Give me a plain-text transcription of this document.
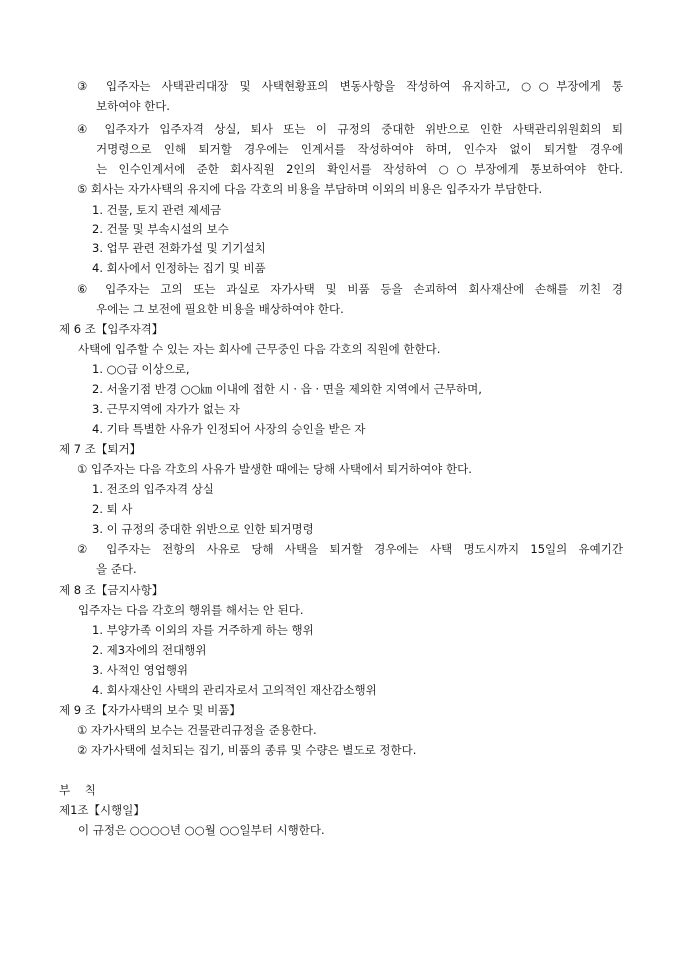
③ 입주자는 사택관리대장 및 사택현황표의 변동사항을 작성하여 유지하고, ○○부장에게 통
보하여야 한다.
④ 입주자가 입주자격 상실, 퇴사 또는 이 규정의 중대한 위반으로 인한 사택관리위원회의 퇴
거명령으로 인해 퇴거할 경우에는 인계서를 작성하여야 하며, 인수자 없이 퇴거할 경우에
는 인수인계서에 준한 회사직원 2인의 확인서를 작성하여 ○○부장에게 통보하여야 한다.
⑤ 회사는 자가사택의 유지에 다음 각호의 비용을 부담하며 이외의 비용은 입주자가 부담한다.
1. 건물, 토지 관련 제세금
2. 건물 및 부속시설의 보수
3. 업무 관련 전화가설 및 기기설치
4. 회사에서 인정하는 집기 및 비품
⑥ 입주자는 고의 또는 과실로 자가사택 및 비품 등을 손괴하여 회사재산에 손해를 끼친 경
우에는 그 보전에 필요한 비용을 배상하여야 한다.
제 6 조【입주자격】
사택에 입주할 수 있는 자는 회사에 근무중인 다음 각호의 직원에 한한다.
1. ○○급 이상으로,
2. 서울기점 반경 ○○㎞ 이내에 접한 시 · 읍 · 면을 제외한 지역에서 근무하며,
3. 근무지역에 자가가 없는 자
4. 기타 특별한 사유가 인정되어 사장의 승인을 받은 자
제 7 조【퇴거】
① 입주자는 다음 각호의 사유가 발생한 때에는 당해 사택에서 퇴거하여야 한다.
1. 전조의 입주자격 상실
2. 퇴 사
3. 이 규정의 중대한 위반으로 인한 퇴거명령
② 입주자는 전항의 사유로 당해 사택을 퇴거할 경우에는 사택 명도시까지 15일의 유예기간
을 준다.
제 8 조【금지사항】
입주자는 다음 각호의 행위를 해서는 안 된다.
1. 부양가족 이외의 자를 거주하게 하는 행위
2. 제3자에의 전대행위
3. 사적인 영업행위
4. 회사재산인 사택의 관리자로서 고의적인 재산감소행위
제 9 조【자가사택의 보수 및 비품】
① 자가사택의 보수는 건물관리규정을 준용한다.
② 자가사택에 설치되는 집기, 비품의 종류 및 수량은 별도로 정한다.
부    칙
제1조【시행일】
이 규정은 ○○○○년 ○○월 ○○일부터 시행한다.
